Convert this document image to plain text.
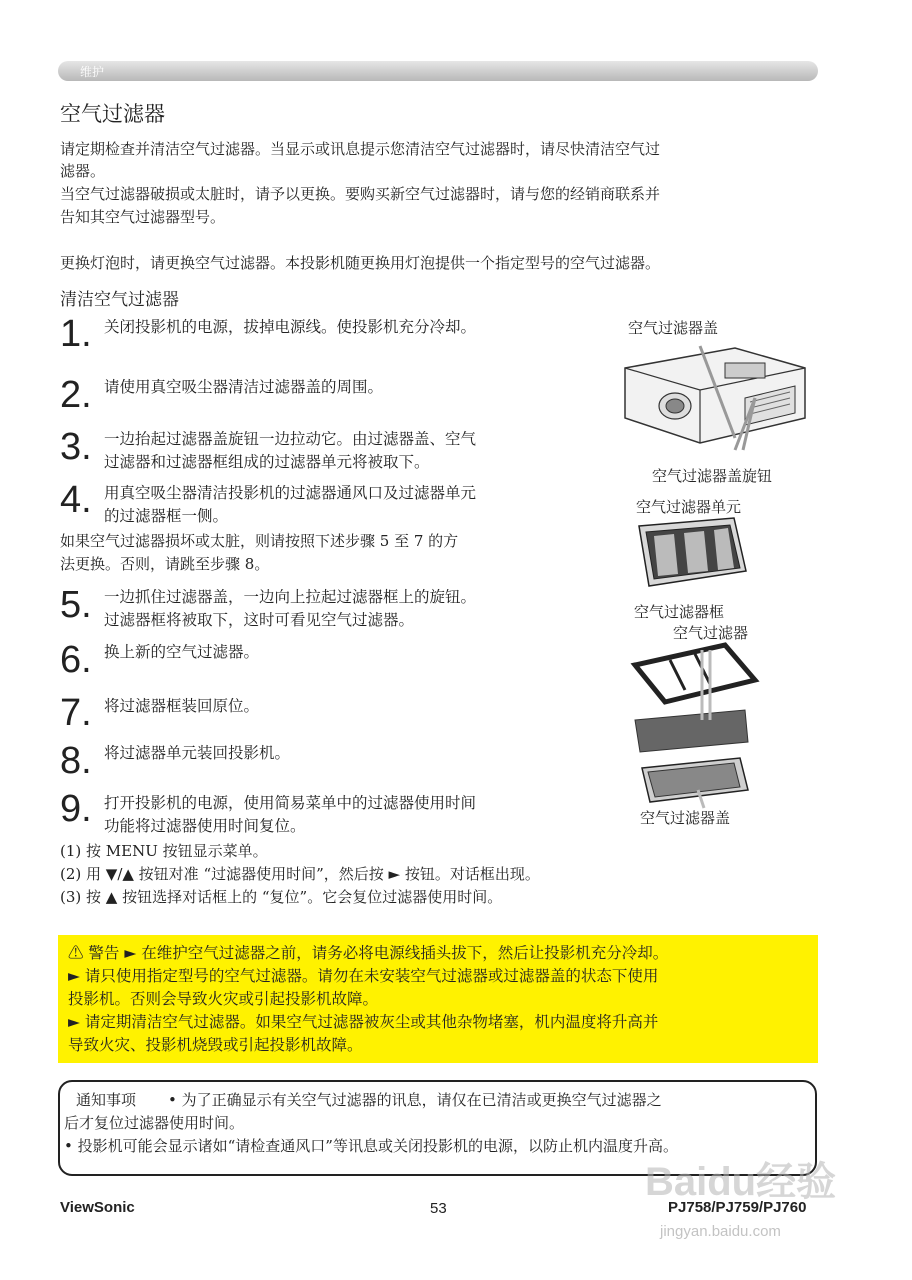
维护
空气过滤器
请定期检查并清洁空气过滤器。当显示或讯息提示您清洁空气过滤器时，请尽快清洁空气过
滤器。
当空气过滤器破损或太脏时，请予以更换。要购买新空气过滤器时，请与您的经销商联系并
告知其空气过滤器型号。
更换灯泡时，请更换空气过滤器。本投影机随更换用灯泡提供一个指定型号的空气过滤器。
清洁空气过滤器
1. 关闭投影机的电源，拔掉电源线。使投影机充分冷却。
2. 请使用真空吸尘器清洁过滤器盖的周围。
3. 一边抬起过滤器盖旋钮一边拉动它。由过滤器盖、空气
过滤器和过滤器框组成的过滤器单元将被取下。
4. 用真空吸尘器清洁投影机的过滤器通风口及过滤器单元
的过滤器框一侧。
如果空气过滤器损坏或太脏，则请按照下述步骤 5 至 7 的方
法更换。否则，请跳至步骤 8。
5. 一边抓住过滤器盖，一边向上拉起过滤器框上的旋钮。
过滤器框将被取下，这时可看见空气过滤器。
6. 换上新的空气过滤器。
7. 将过滤器框装回原位。
8. 将过滤器单元装回投影机。
9. 打开投影机的电源，使用简易菜单中的过滤器使用时间
功能将过滤器使用时间复位。
(1) 按 MENU 按钮显示菜单。
(2) 用 ▼/▲ 按钮对准 “过滤器使用时间”，然后按 ► 按钮。对话框出现。
(3) 按 ▲ 按钮选择对话框上的 “复位”。它会复位过滤器使用时间。
空气过滤器盖
空气过滤器盖旋钮
空气过滤器单元
空气过滤器框
空气过滤器
空气过滤器盖
⚠ 警告 ► 在维护空气过滤器之前，请务必将电源线插头拔下，然后让投影机充分冷却。
► 请只使用指定型号的空气过滤器。请勿在未安装空气过滤器或过滤器盖的状态下使用
投影机。否则会导致火灾或引起投影机故障。
► 请定期清洁空气过滤器。如果空气过滤器被灰尘或其他杂物堵塞，机内温度将升高并
导致火灾、投影机烧毁或引起投影机故障。
通知事项 • 为了正确显示有关空气过滤器的讯息，请仅在已清洁或更换空气过滤器之
后才复位过滤器使用时间。
• 投影机可能会显示诸如“请检查通风口”等讯息或关闭投影机的电源，以防止机内温度升高。
ViewSonic	53	PJ758/PJ759/PJ760
Baidu经验
jingyan.baidu.com
